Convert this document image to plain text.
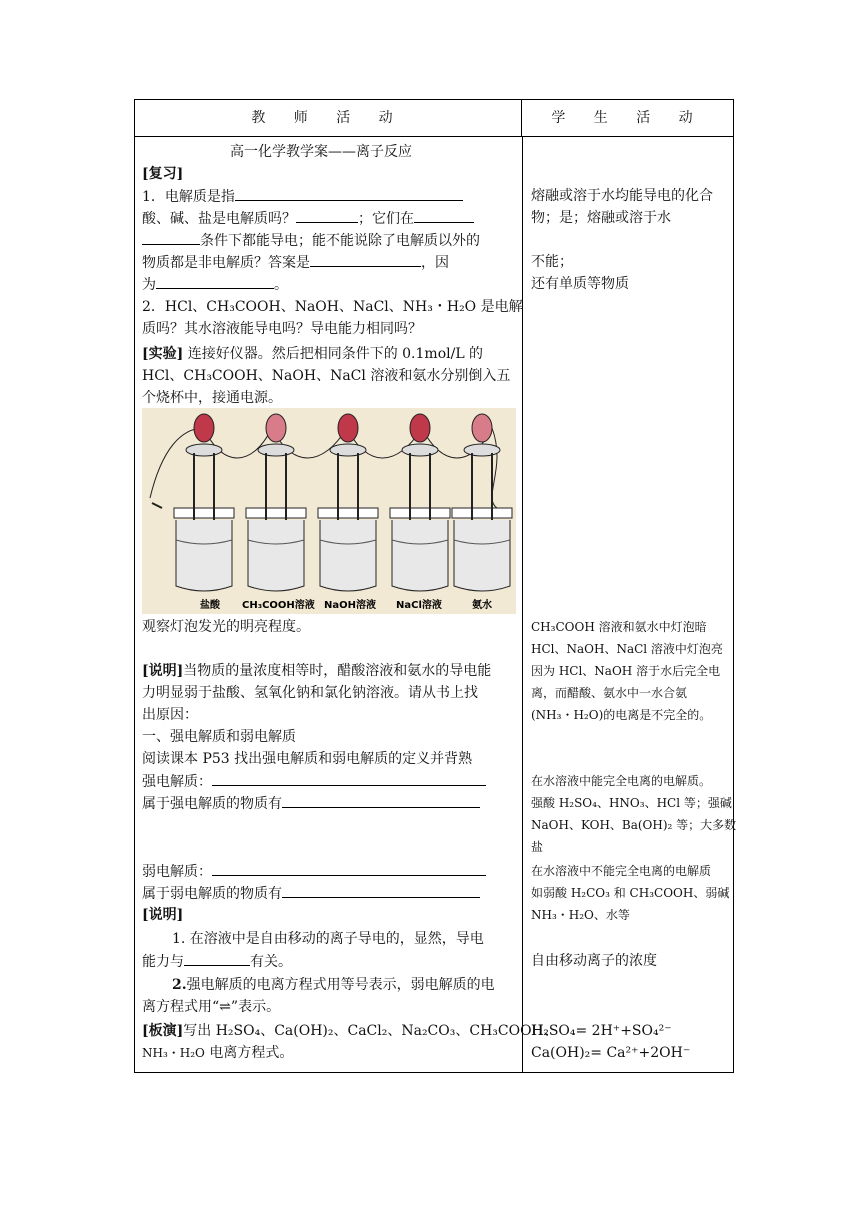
教 师 活 动	学 生 活 动
高一化学教学案——离子反应
[复习]
1．电解质是指
酸、碱、盐是电解质吗？	；它们在
条件下都能导电；能不能说除了电解质以外的
物质都是非电解质？答案是	，因
为	。
2．HCl、CH₃COOH、NaOH、NaCl、NH₃・H₂O 是电解
质吗？其水溶液能导电吗？导电能力相同吗？
[实验] 连接好仪器。然后把相同条件下的 0.1mol/L 的
HCl、CH₃COOH、NaOH、NaCl 溶液和氨水分别倒入五
个烧杯中，接通电源。
盐酸 CH₃COOH溶液 NaOH溶液 NaCl溶液	氨水
观察灯泡发光的明亮程度。
[说明]当物质的量浓度相等时，醋酸溶液和氨水的导电能
力明显弱于盐酸、氢氧化钠和氯化钠溶液。请从书上找
出原因：
一、强电解质和弱电解质
阅读课本 P53 找出强电解质和弱电解质的定义并背熟
强电解质：
属于强电解质的物质有
弱电解质：
属于弱电解质的物质有
[说明]
1. 在溶液中是自由移动的离子导电的，显然，导电
能力与	有关。
2.强电解质的电离方程式用等号表示，弱电解质的电
离方程式用“⇌”表示。
[板演]写出 H₂SO₄、Ca(OH)₂、CaCl₂、Na₂CO₃、CH₃COOH、
NH₃・H₂O 电离方程式。
熔融或溶于水均能导电的化合
物；是；熔融或溶于水
不能；
还有单质等物质
CH₃COOH 溶液和氨水中灯泡暗
HCl、NaOH、NaCl 溶液中灯泡亮
因为 HCl、NaOH 溶于水后完全电
离，而醋酸、氨水中一水合氨
(NH₃・H₂O)的电离是不完全的。
在水溶液中能完全电离的电解质。
强酸 H₂SO₄、HNO₃、HCl 等；强碱
NaOH、KOH、Ba(OH)₂ 等；大多数
盐
在水溶液中不能完全电离的电解质
如弱酸 H₂CO₃ 和 CH₃COOH、弱碱
NH₃・H₂O、水等
自由移动离子的浓度
H₂SO₄= 2H⁺+SO₄²⁻
Ca(OH)₂= Ca²⁺+2OH⁻
